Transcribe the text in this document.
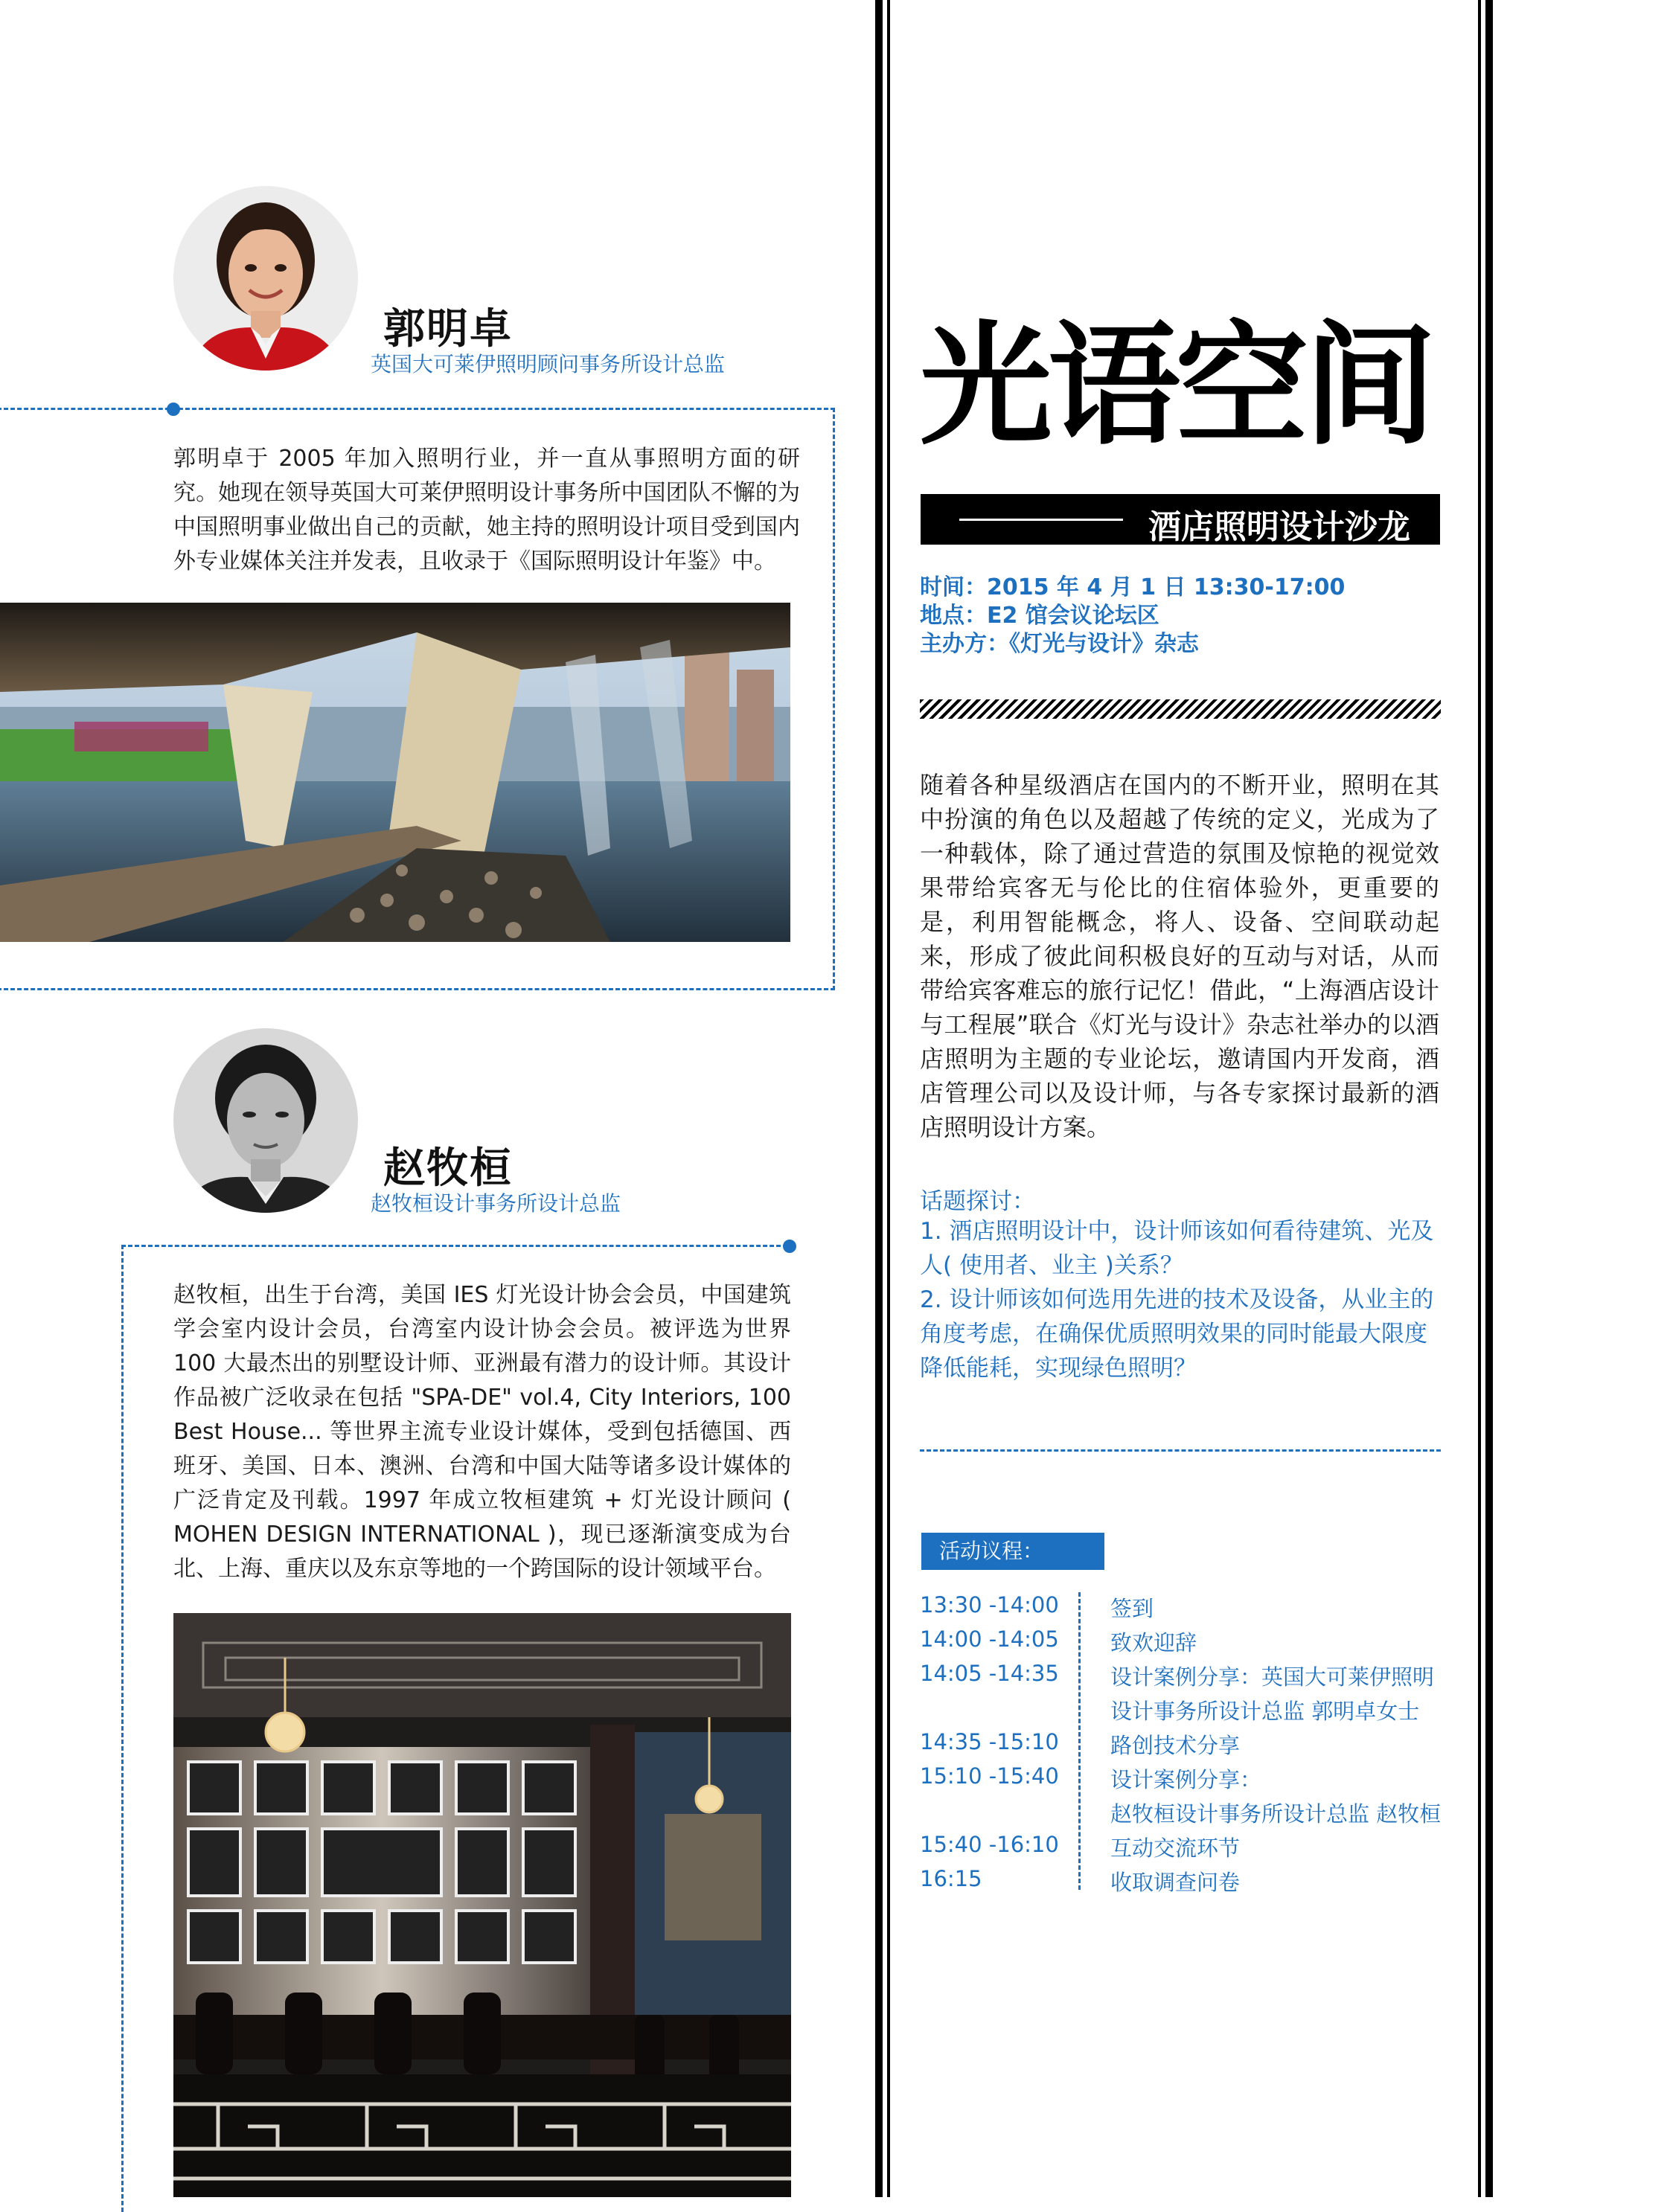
郭明卓
英国大可莱伊照明顾问事务所设计总监
郭明卓于 2005 年加入照明行业，并一直从事照明方面的研究。她现在领导英国大可莱伊照明设计事务所中国团队不懈的为中国照明事业做出自己的贡献，她主持的照明设计项目受到国内外专业媒体关注并发表，且收录于《国际照明设计年鉴》中。
赵牧桓
赵牧桓设计事务所设计总监
赵牧桓，出生于台湾，美国 IES 灯光设计协会会员，中国建筑学会室内设计会员，台湾室内设计协会会员。被评选为世界 100 大最杰出的别墅设计师、亚洲最有潜力的设计师。其设计作品被广泛收录在包括 "SPA-DE" vol.4, City Interiors, 100 Best House... 等世界主流专业设计媒体，受到包括德国、西班牙、美国、日本、澳洲、台湾和中国大陆等诸多设计媒体的广泛肯定及刊载。1997 年成立牧桓建筑 + 灯光设计顾问 ( MOHEN DESIGN INTERNATIONAL )，现已逐渐演变成为台北、上海、重庆以及东京等地的一个跨国际的设计领域平台。
光语空间
酒店照明设计沙龙
时间：2015 年 4 月 1 日 13:30-17:00
地点：E2 馆会议论坛区
主办方：《灯光与设计》杂志
随着各种星级酒店在国内的不断开业，照明在其中扮演的角色以及超越了传统的定义，光成为了一种载体，除了通过营造的氛围及惊艳的视觉效果带给宾客无与伦比的住宿体验外，更重要的是，利用智能概念，将人、设备、空间联动起来，形成了彼此间积极良好的互动与对话，从而带给宾客难忘的旅行记忆！借此，“上海酒店设计与工程展”联合《灯光与设计》杂志社举办的以酒店照明为主题的专业论坛，邀请国内开发商，酒店管理公司以及设计师，与各专家探讨最新的酒店照明设计方案。
话题探讨：
1. 酒店照明设计中，设计师该如何看待建筑、光及人( 使用者、业主 )关系？
2. 设计师该如何选用先进的技术及设备，从业主的角度考虑，在确保优质照明效果的同时能最大限度降低能耗，实现绿色照明？
活动议程：
13:30 -14:00 签到
14:00 -14:05 致欢迎辞
14:05 -14:35 设计案例分享：英国大可莱伊照明
设计事务所设计总监 郭明卓女士
14:35 -15:10 路创技术分享
15:10 -15:40 设计案例分享：
赵牧桓设计事务所设计总监 赵牧桓
15:40 -16:10 互动交流环节
16:15	收取调查问卷
